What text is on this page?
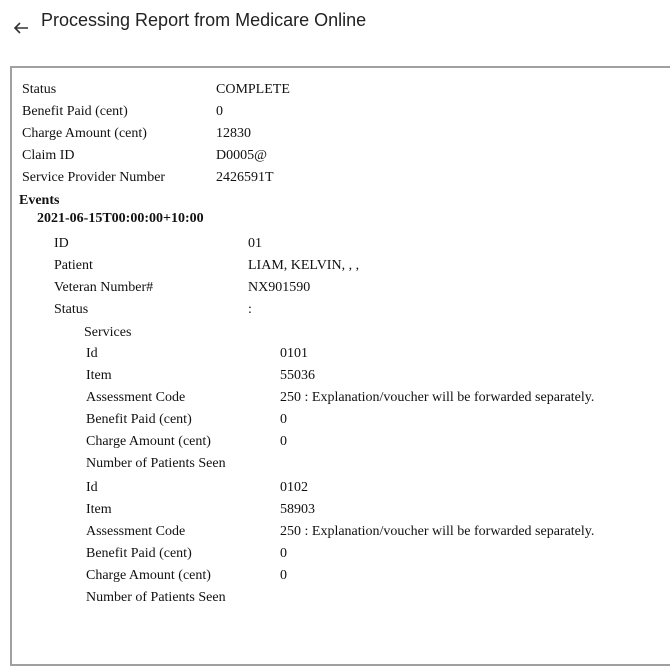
Processing Report from Medicare Online
Status	COMPLETE
Benefit Paid (cent)	0
Charge Amount (cent)	12830
Claim ID	D0005@
Service Provider Number	2426591T
Events
2021-06-15T00:00:00+10:00
ID	01
Patient	LIAM, KELVIN, , ,
Veteran Number#	NX901590
Status	:
Services
Id	0101
Item	55036
Assessment Code	250 : Explanation/voucher will be forwarded separately.
Benefit Paid (cent)	0
Charge Amount (cent)	0
Number of Patients Seen
Id	0102
Item	58903
Assessment Code	250 : Explanation/voucher will be forwarded separately.
Benefit Paid (cent)	0
Charge Amount (cent)	0
Number of Patients Seen
